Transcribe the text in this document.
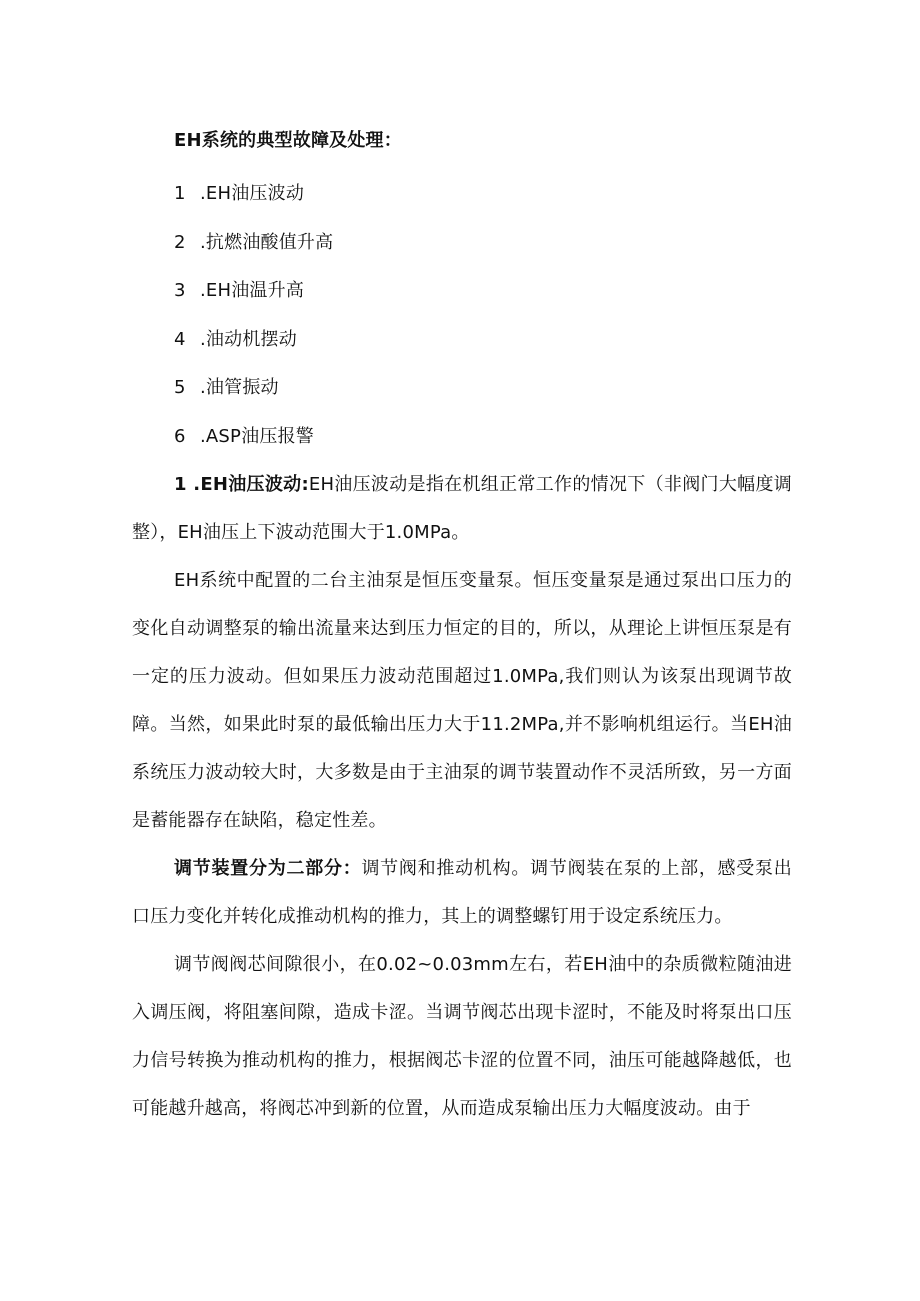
EH系统的典型故障及处理：
1 .EH油压波动
2 .抗燃油酸值升高
3 .EH油温升高
4 .油动机摆动
5 .油管振动
6 .ASP油压报警

1 .EH油压波动:EH油压波动是指在机组正常工作的情况下（非阀门大幅度调整），EH油压上下波动范围大于1.0MPa。

EH系统中配置的二台主油泵是恒压变量泵。恒压变量泵是通过泵出口压力的变化自动调整泵的输出流量来达到压力恒定的目的，所以，从理论上讲恒压泵是有一定的压力波动。但如果压力波动范围超过1.0MPa,我们则认为该泵出现调节故障。当然，如果此时泵的最低输出压力大于11.2MPa,并不影响机组运行。当EH油系统压力波动较大时，大多数是由于主油泵的调节装置动作不灵活所致，另一方面是蓄能器存在缺陷，稳定性差。

调节装置分为二部分：调节阀和推动机构。调节阀装在泵的上部，感受泵出口压力变化并转化成推动机构的推力，其上的调整螺钉用于设定系统压力。

调节阀阀芯间隙很小，在0.02~0.03mm左右，若EH油中的杂质微粒随油进入调压阀，将阻塞间隙，造成卡涩。当调节阀芯出现卡涩时，不能及时将泵出口压力信号转换为推动机构的推力，根据阀芯卡涩的位置不同，油压可能越降越低，也可能越升越高，将阀芯冲到新的位置，从而造成泵输出压力大幅度波动。由于
